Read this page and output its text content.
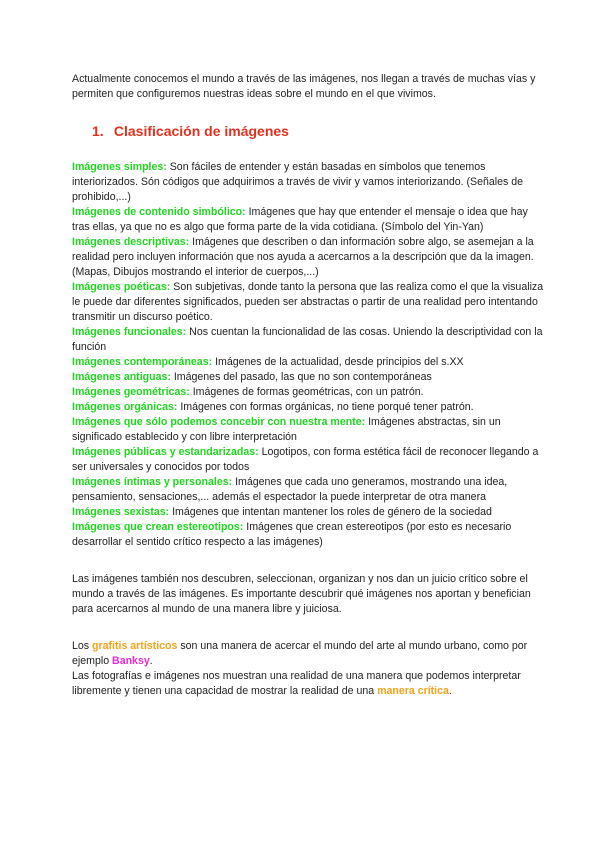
Actualmente conocemos el mundo a través de las imágenes, nos llegan a través de muchas vías y permiten que configuremos nuestras ideas sobre el mundo en el que vivimos.

1. Clasificación de imágenes

Imágenes simples: Son fáciles de entender y están basadas en símbolos que tenemos interiorizados. Són códigos que adquirimos a través de vivir y vamos interiorizando. (Señales de prohibido,...)

Imágenes de contenido simbólico: Imágenes que hay que entender el mensaje o idea que hay tras ellas, ya que no es algo que forma parte de la vida cotidiana. (Símbolo del Yin-Yan)

Imágenes descriptivas: Imágenes que describen o dan información sobre algo, se asemejan a la realidad pero incluyen información que nos ayuda a acercarnos a la descripción que da la imagen. (Mapas, Dibujos mostrando el interior de cuerpos,...)

Imágenes poéticas: Son subjetivas, donde tanto la persona que las realiza como el que la visualiza le puede dar diferentes significados, pueden ser abstractas o partir de una realidad pero intentando transmitir un discurso poético.

Imágenes funcionales: Nos cuentan la funcionalidad de las cosas. Uniendo la descriptividad con la función

Imágenes contemporáneas: Imágenes de la actualidad, desde principios del s.XX

Imágenes antiguas: Imágenes del pasado, las que no son contemporáneas

Imágenes geométricas: Imágenes de formas geométricas, con un patrón.

Imágenes orgánicas: Imágenes con formas orgánicas, no tiene porqué tener patrón.

Imágenes que sólo podemos concebir con nuestra mente: Imágenes abstractas, sin un significado establecido y con libre interpretación

Imágenes públicas y estandarizadas: Logotipos, con forma estética fácil de reconocer llegando a ser universales y conocidos por todos

Imágenes íntimas y personales: Imágenes que cada uno generamos, mostrando una idea, pensamiento, sensaciones,... además el espectador la puede interpretar de otra manera

Imágenes sexistas: Imágenes que intentan mantener los roles de género de la sociedad

Imágenes que crean estereotipos: Imágenes que crean estereotipos (por esto es necesario desarrollar el sentido crítico respecto a las imágenes)

Las imágenes también nos descubren, seleccionan, organizan y nos dan un juicio crítico sobre el mundo a través de las imágenes. Es importante descubrir qué imágenes nos aportan y benefician para acercarnos al mundo de una manera libre y juiciosa.

Los grafitis artísticos son una manera de acercar el mundo del arte al mundo urbano, como por ejemplo Banksy.

Las fotografías e imágenes nos muestran una realidad de una manera que podemos interpretar libremente y tienen una capacidad de mostrar la realidad de una manera crítica.
